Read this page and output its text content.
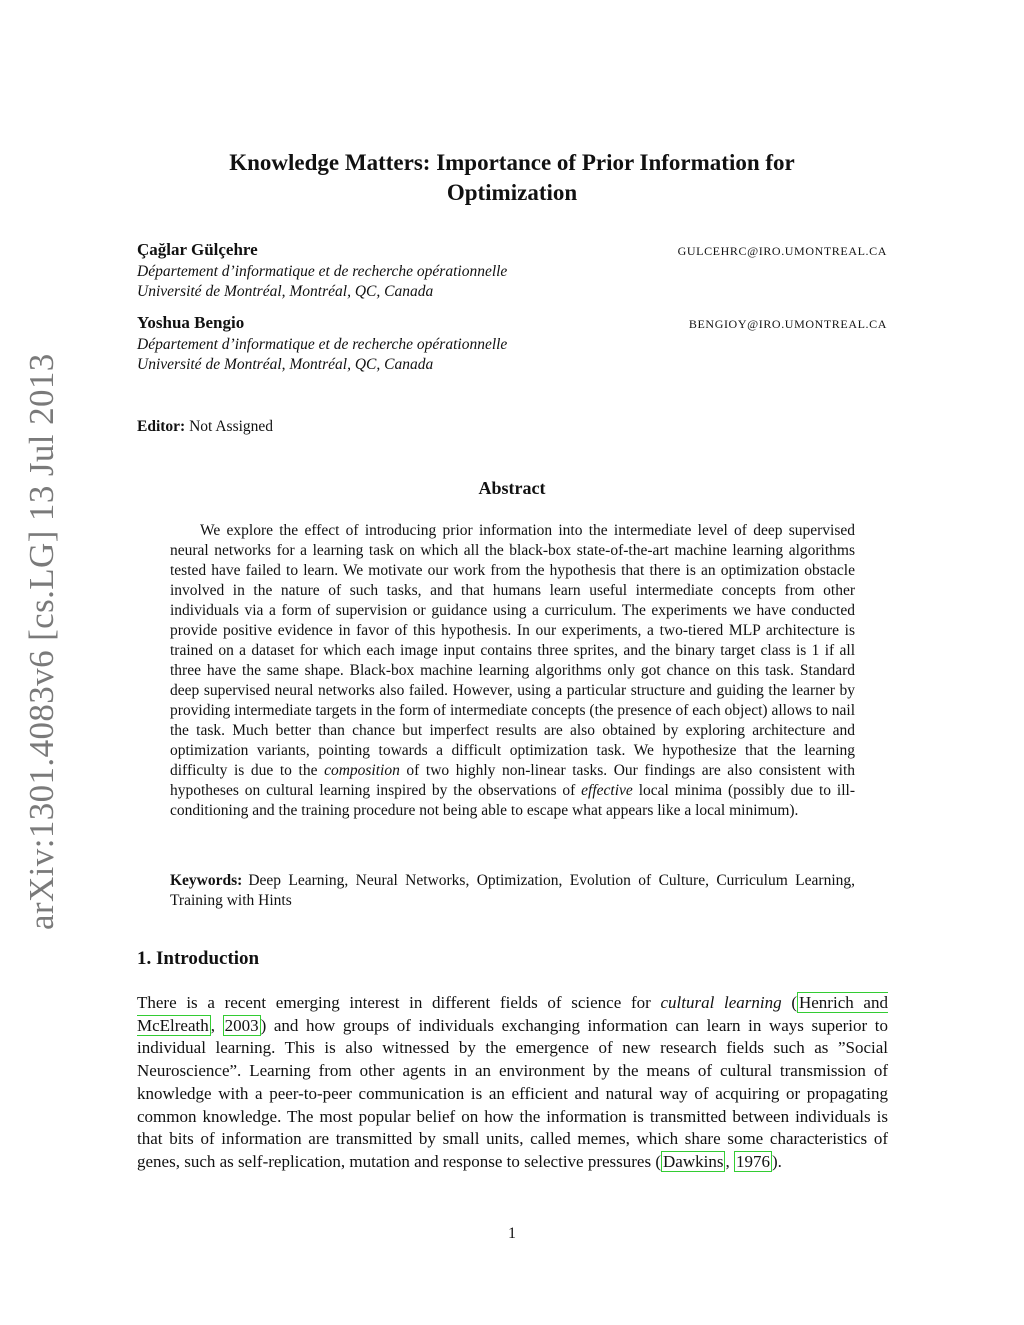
arXiv:1301.4083v6 [cs.LG] 13 Jul 2013
Knowledge Matters: Importance of Prior Information for
Optimization
Çağlar Gülçehre	GULCEHRC@IRO.UMONTREAL.CA
Département d’informatique et de recherche opérationnelle
Université de Montréal, Montréal, QC, Canada
Yoshua Bengio	BENGIOY@IRO.UMONTREAL.CA
Département d’informatique et de recherche opérationnelle
Université de Montréal, Montréal, QC, Canada
Editor: Not Assigned
Abstract
We explore the effect of introducing prior information into the intermediate level of deep supervised neural networks for a learning task on which all the black-box state-of-the-art machine learning algorithms tested have failed to learn. We motivate our work from the hypothesis that there is an optimization obstacle involved in the nature of such tasks, and that humans learn useful intermediate concepts from other individuals via a form of supervision or guidance using a curriculum. The experiments we have conducted provide positive evidence in favor of this hypothesis. In our experiments, a two-tiered MLP architecture is trained on a dataset for which each image input contains three sprites, and the binary target class is 1 if all three have the same shape. Black-box machine learning algorithms only got chance on this task. Standard deep supervised neural networks also failed. However, using a particular structure and guiding the learner by providing intermediate targets in the form of intermediate concepts (the presence of each object) allows to nail the task. Much better than chance but imperfect results are also obtained by exploring architecture and optimization variants, pointing towards a difficult optimization task. We hypothesize that the learning difficulty is due to the composition of two highly non-linear tasks. Our findings are also consistent with hypotheses on cultural learning inspired by the observations of effective local minima (possibly due to ill-conditioning and the training procedure not being able to escape what appears like a local minimum).
Keywords: Deep Learning, Neural Networks, Optimization, Evolution of Culture, Curriculum Learning, Training with Hints
1. Introduction
There is a recent emerging interest in different fields of science for cultural learning ( Henrich and McElreath , 2003 ) and how groups of individuals exchanging information can learn in ways superior to individual learning. This is also witnessed by the emergence of new research fields such as ”Social Neuroscience”. Learning from other agents in an environment by the means of cultural transmission of knowledge with a peer-to-peer communication is an efficient and natural way of acquiring or propagating common knowledge. The most popular belief on how the information is transmitted between individuals is that bits of information are transmitted by small units, called memes, which share some characteristics of genes, such as self-replication, mutation and response to selective pressures ( Dawkins , 1976 ).
1
